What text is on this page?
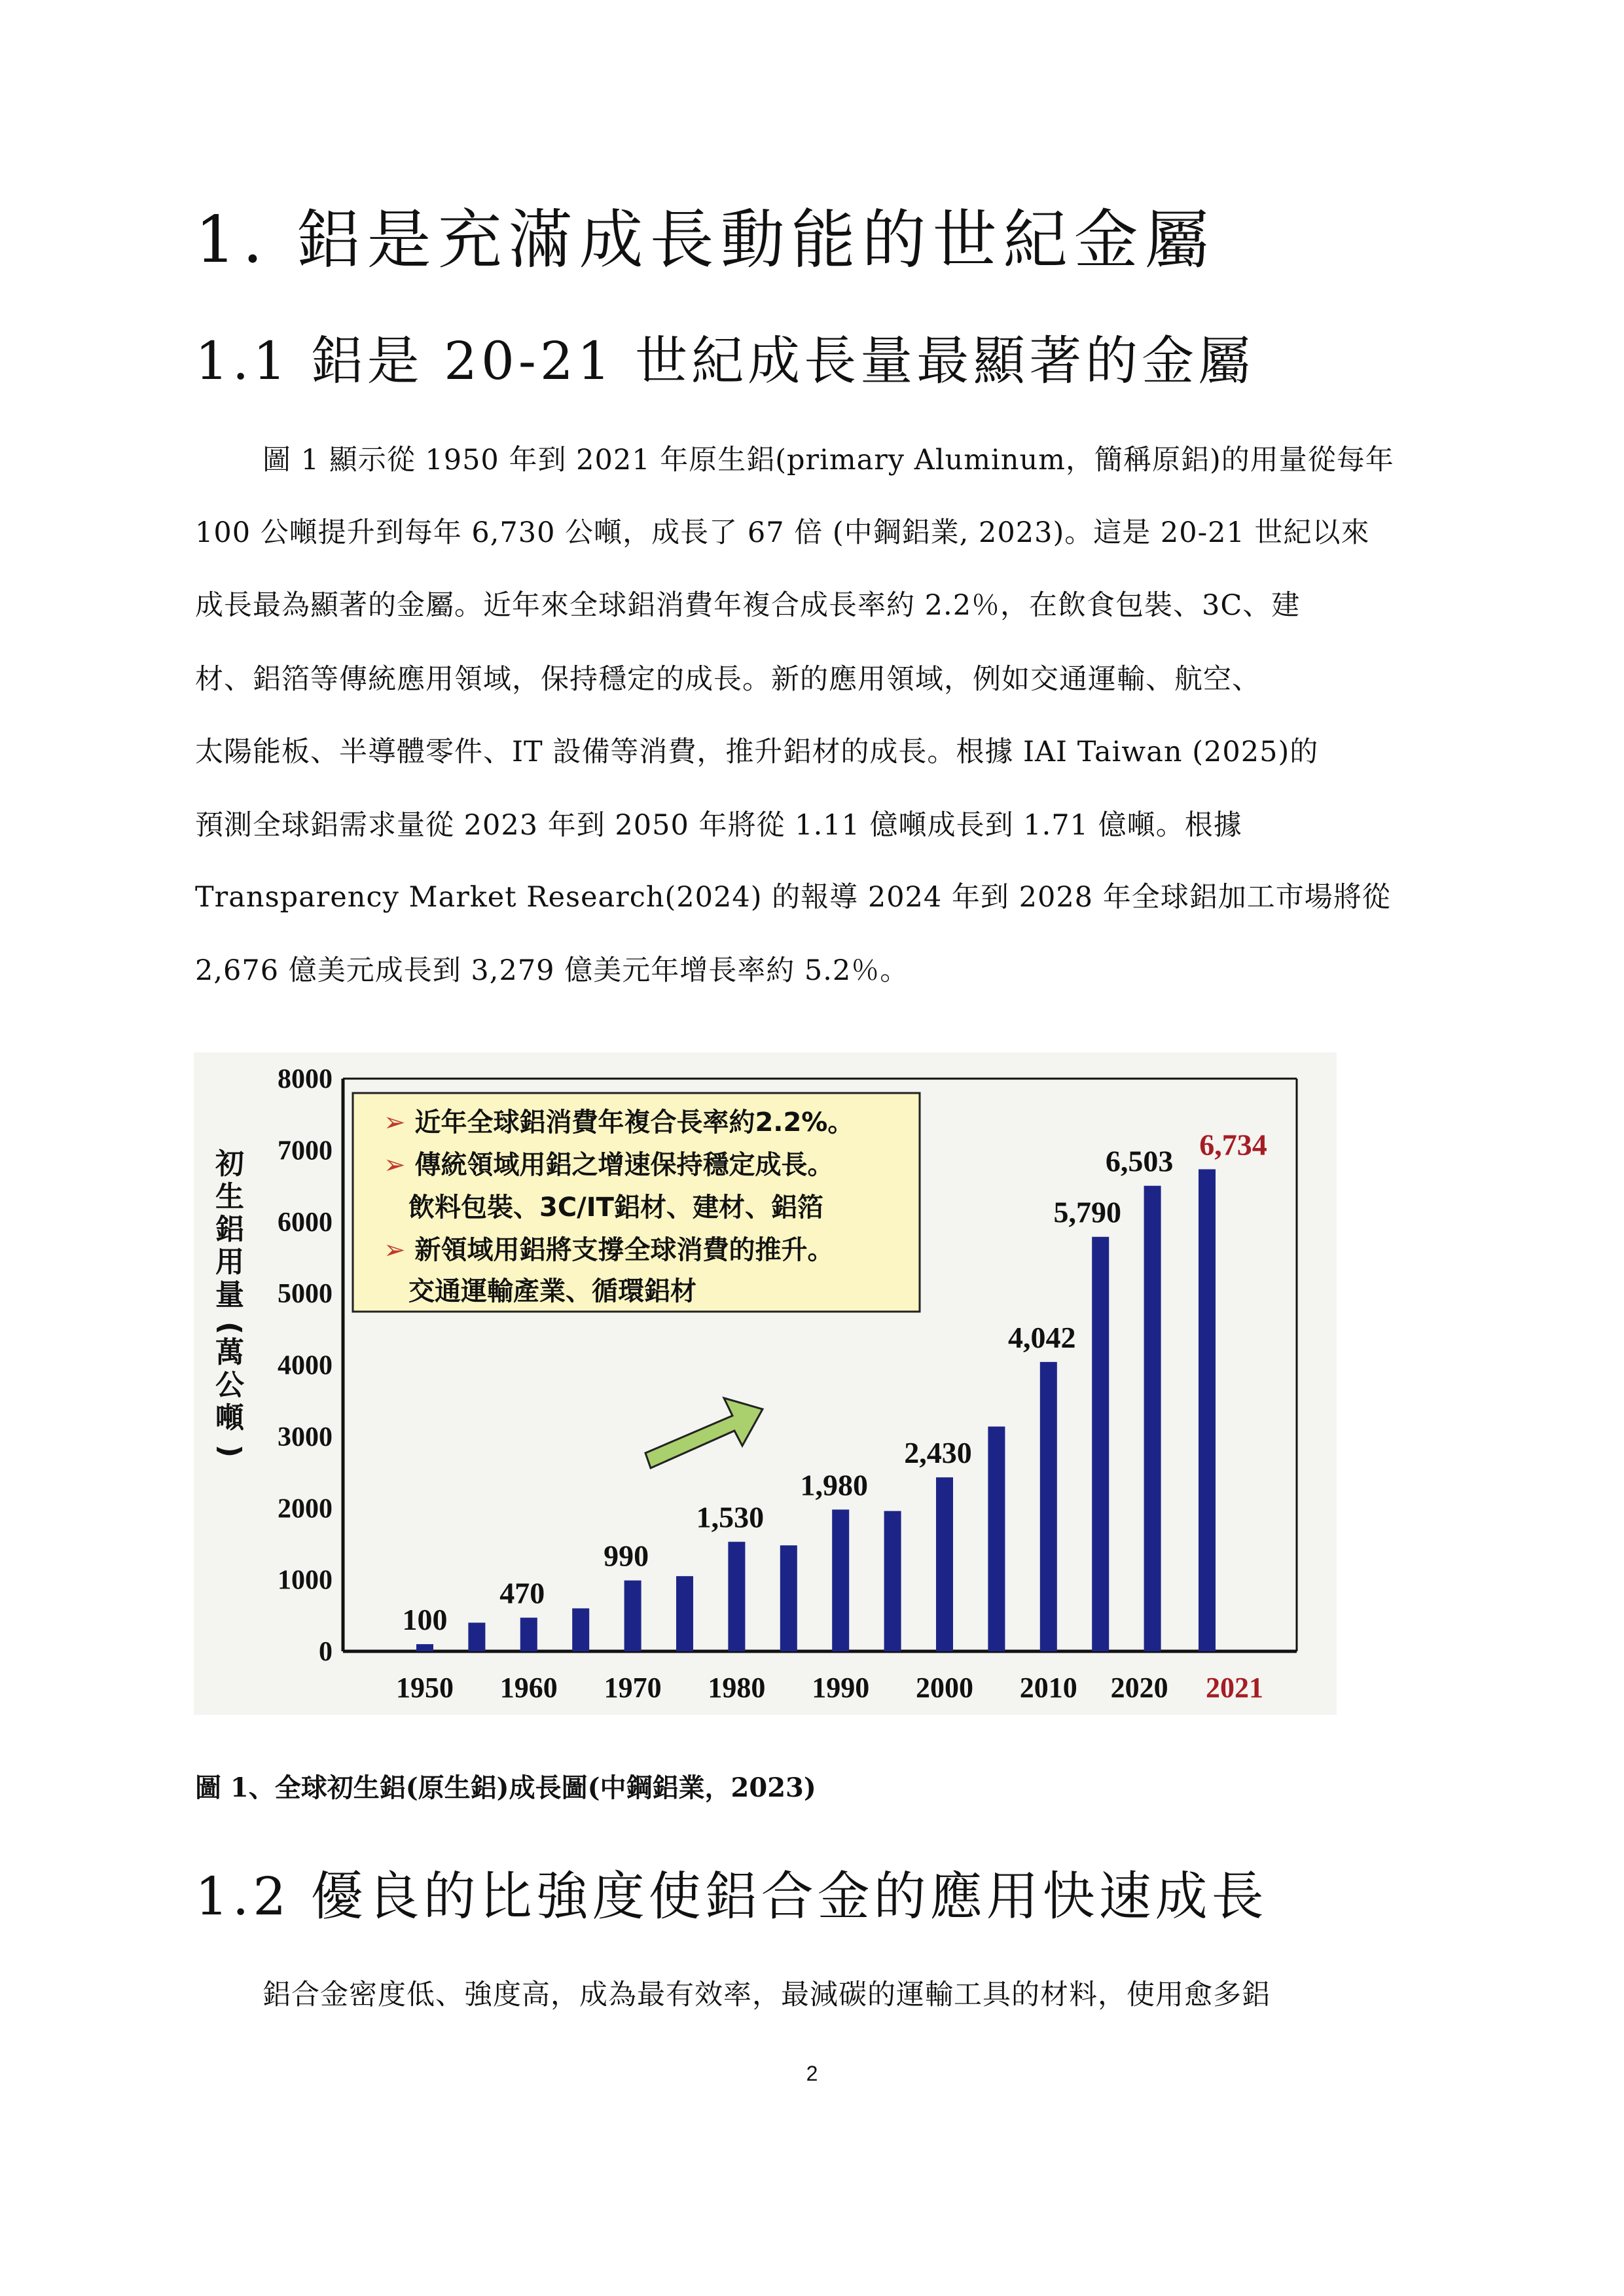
1. 鋁是充滿成長動能的世紀金屬
1.1 鋁是 20-21 世紀成長量最顯著的金屬
圖 1 顯示從 1950 年到 2021 年原生鋁(primary Aluminum，簡稱原鋁)的用量從每年
100 公噸提升到每年 6,730 公噸，成長了 67 倍 (中鋼鋁業, 2023)。這是 20-21 世紀以來
成長最為顯著的金屬。近年來全球鋁消費年複合成長率約 2.2％，在飲食包裝、3C、建
材、鋁箔等傳統應用領域，保持穩定的成長。新的應用領域，例如交通運輸、航空、
太陽能板、半導體零件、IT 設備等消費，推升鋁材的成長。根據 IAI Taiwan (2025)的
預測全球鋁需求量從 2023 年到 2050 年將從 1.11 億噸成長到 1.71 億噸。根據
Transparency Market Research(2024) 的報導 2024 年到 2028 年全球鋁加工市場將從
2,676 億美元成長到 3,279 億美元年增長率約 5.2％。
0
1000
2000
3000
4000
5000
6000
7000
8000
初
生
鋁
用
量
(
萬
公
噸
)
100
470
990
1,530
1,980
2,430
4,042
5,790
6,503 6,734
1950 1960 1970 1980 1990 2000 2010 2020 2021
➢ 近年全球鋁消費年複合長率約2.2%。
➢ 傳統領域用鋁之增速保持穩定成長。
飲料包裝、3C/IT鋁材、建材、鋁箔
➢ 新領域用鋁將支撐全球消費的推升。
交通運輸產業、循環鋁材
圖 1、全球初生鋁(原生鋁)成長圖(中鋼鋁業，2023)
1.2 優良的比強度使鋁合金的應用快速成長
鋁合金密度低、強度高，成為最有效率，最減碳的運輸工具的材料，使用愈多鋁
2
